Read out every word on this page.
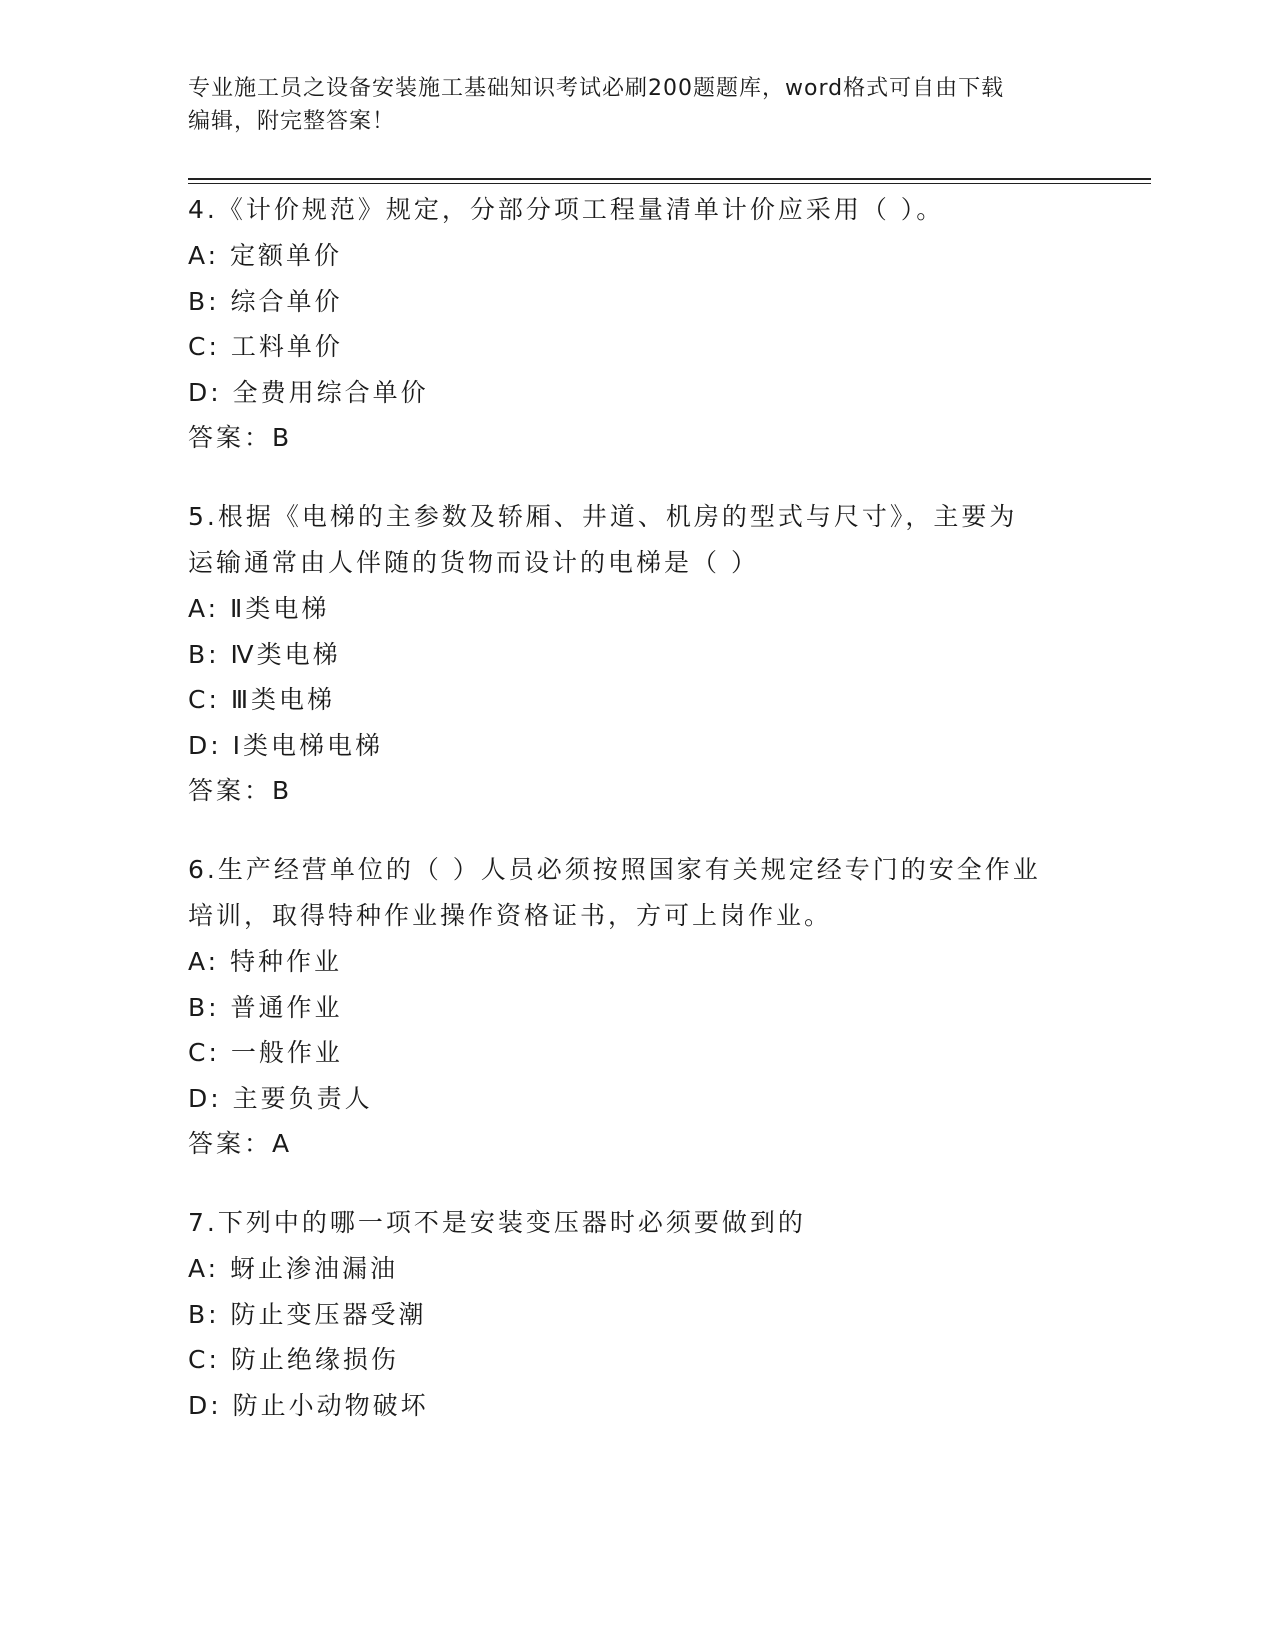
专业施工员之设备安装施工基础知识考试必刷200题题库，word格式可自由下载
编辑，附完整答案！

4.《计价规范》规定，分部分项工程量清单计价应采用（ ）。

A: 定额单价

B: 综合单价

C: 工料单价

D: 全费用综合单价

答案：B

5.根据《电梯的主参数及轿厢、井道、机房的型式与尺寸》，主要为

运输通常由人伴随的货物而设计的电梯是（ ）

A: Ⅱ类电梯

B: Ⅳ类电梯

C: Ⅲ类电梯

D: Ⅰ类电梯电梯

答案：B

6.生产经营单位的（ ）人员必须按照国家有关规定经专门的安全作业

培训，取得特种作业操作资格证书，方可上岗作业。

A: 特种作业

B: 普通作业

C: 一般作业

D: 主要负责人

答案：A

7.下列中的哪一项不是安装变压器时必须要做到的

A: 蚜止渗油漏油

B: 防止变压器受潮

C: 防止绝缘损伤

D: 防止小动物破坏
